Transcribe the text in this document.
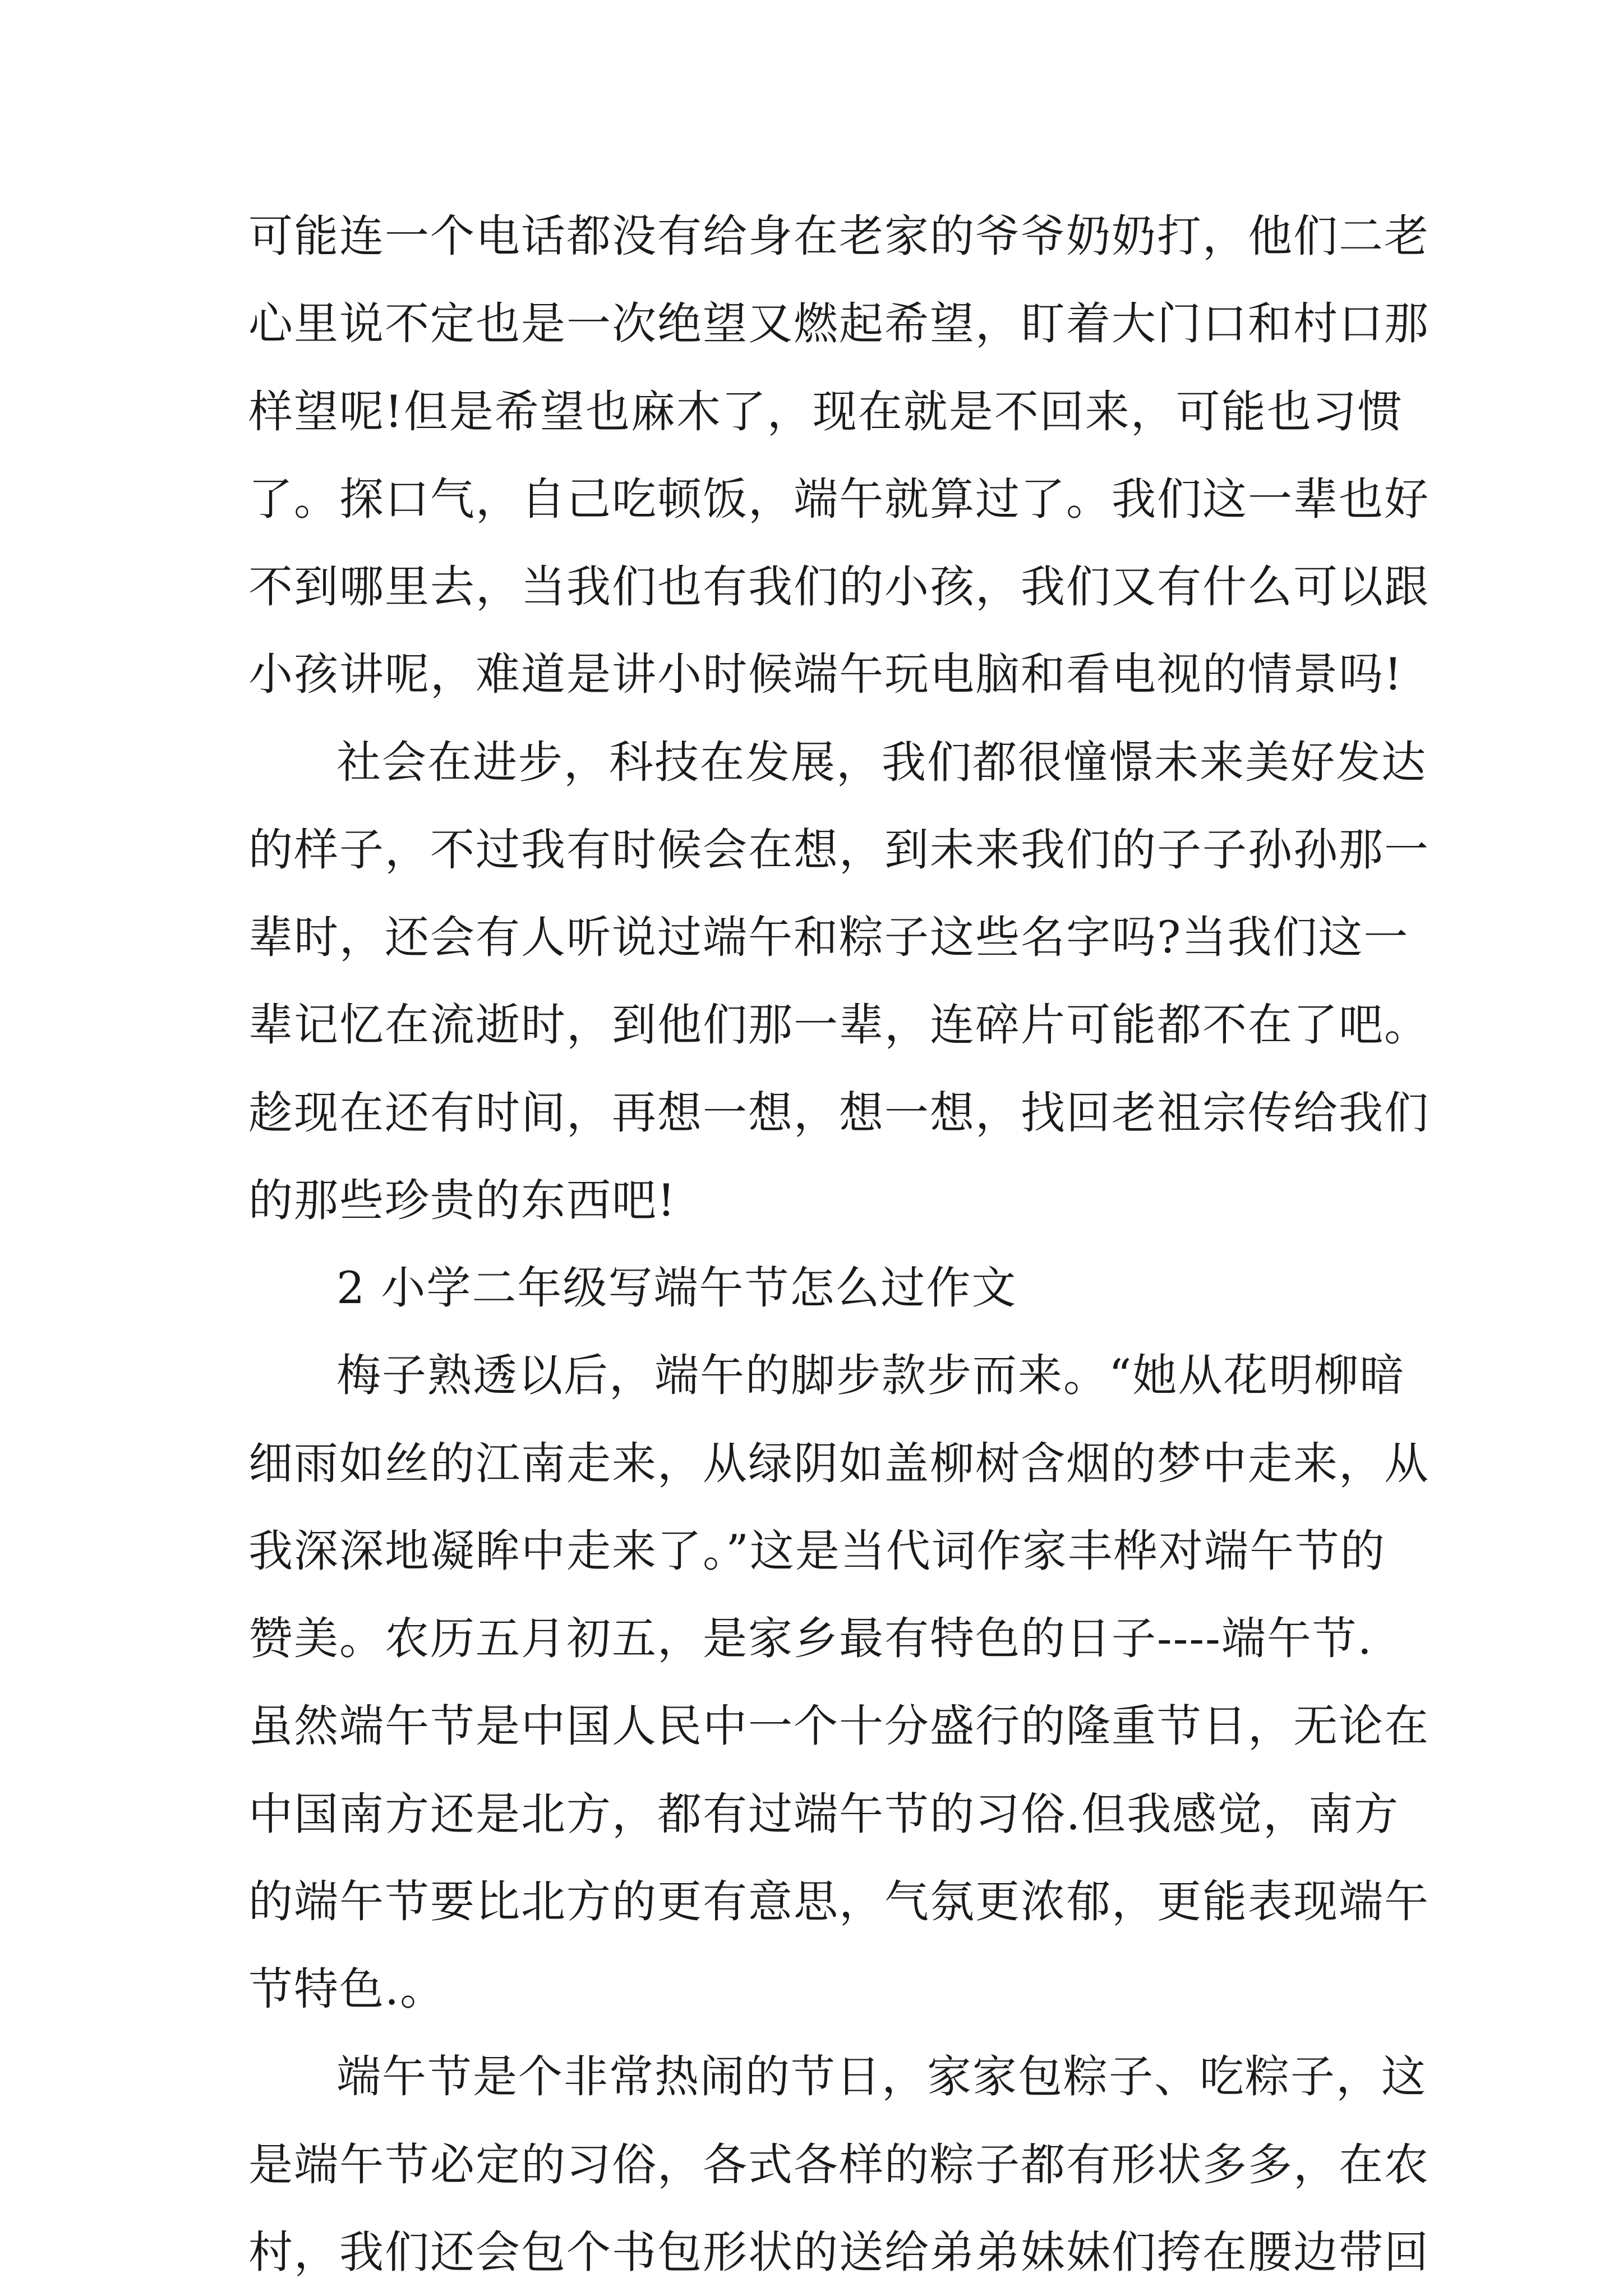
可能连一个电话都没有给身在老家的爷爷奶奶打，他们二老
心里说不定也是一次绝望又燃起希望，盯着大门口和村口那
样望呢!但是希望也麻木了，现在就是不回来，可能也习惯
了。探口气，自己吃顿饭，端午就算过了。我们这一辈也好
不到哪里去，当我们也有我们的小孩，我们又有什么可以跟
小孩讲呢，难道是讲小时候端午玩电脑和看电视的情景吗!
社会在进步，科技在发展，我们都很憧憬未来美好发达
的样子，不过我有时候会在想，到未来我们的子子孙孙那一
辈时，还会有人听说过端午和粽子这些名字吗?当我们这一
辈记忆在流逝时，到他们那一辈，连碎片可能都不在了吧。
趁现在还有时间，再想一想，想一想，找回老祖宗传给我们
的那些珍贵的东西吧!
2 小学二年级写端午节怎么过作文
梅子熟透以后，端午的脚步款步而来。“她从花明柳暗
细雨如丝的江南走来，从绿阴如盖柳树含烟的梦中走来，从
我深深地凝眸中走来了。”这是当代词作家丰桦对端午节的
赞美。农历五月初五，是家乡最有特色的日子----端午节.
虽然端午节是中国人民中一个十分盛行的隆重节日，无论在
中国南方还是北方，都有过端午节的习俗.但我感觉，南方
的端午节要比北方的更有意思，气氛更浓郁，更能表现端午
节特色.。
端午节是个非常热闹的节日，家家包粽子、吃粽子，这
是端午节必定的习俗，各式各样的粽子都有形状多多，在农
村，我们还会包个书包形状的送给弟弟妹妹们挎在腰边带回
